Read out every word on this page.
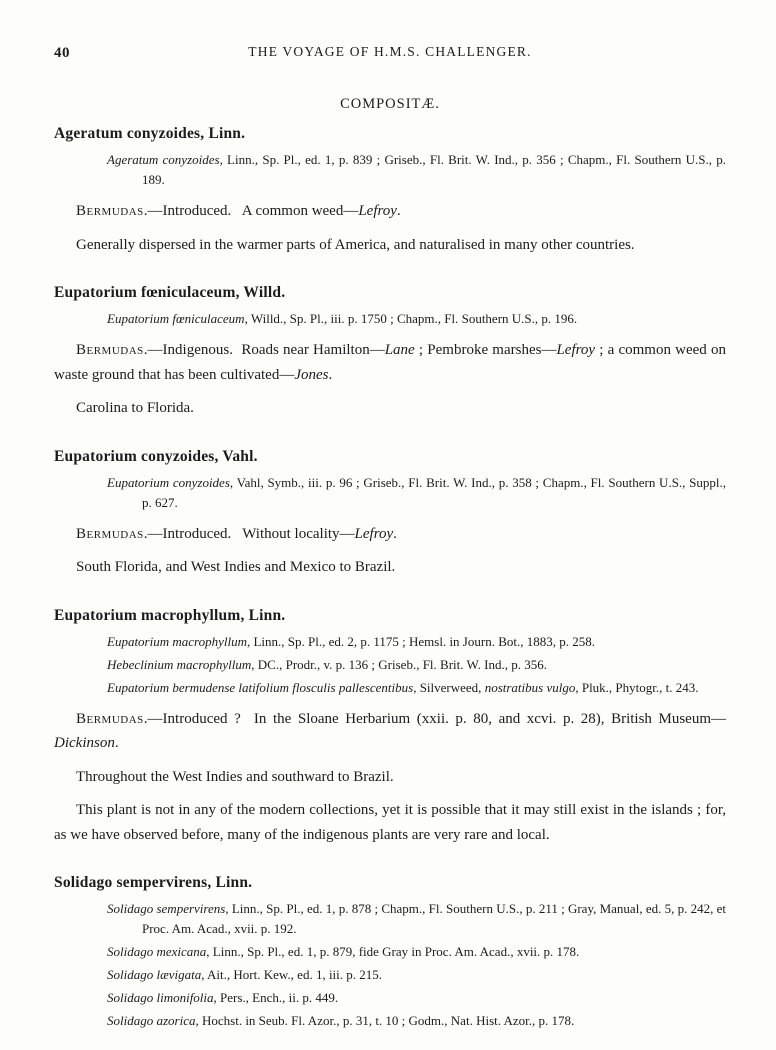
40	THE VOYAGE OF H.M.S. CHALLENGER.
COMPOSITÆ.
Ageratum conyzoides, Linn.

Ageratum conyzoides, Linn., Sp. Pl., ed. 1, p. 839 ; Griseb., Fl. Brit. W. Ind., p. 356 ; Chapm., Fl. Southern U.S., p. 189.

Bermudas.—Introduced.   A common weed—Lefroy.

Generally dispersed in the warmer parts of America, and naturalised in many other countries.

Eupatorium fœniculaceum, Willd.

Eupatorium fœniculaceum, Willd., Sp. Pl., iii. p. 1750 ; Chapm., Fl. Southern U.S., p. 196.

Bermudas.—Indigenous.  Roads near Hamilton—Lane ; Pembroke marshes—Lefroy ; a common weed on waste ground that has been cultivated—Jones.

Carolina to Florida.

Eupatorium conyzoides, Vahl.

Eupatorium conyzoides, Vahl, Symb., iii. p. 96 ; Griseb., Fl. Brit. W. Ind., p. 358 ; Chapm., Fl. Southern U.S., Suppl., p. 627.

Bermudas.—Introduced.   Without locality—Lefroy.

South Florida, and West Indies and Mexico to Brazil.

Eupatorium macrophyllum, Linn.

Eupatorium macrophyllum, Linn., Sp. Pl., ed. 2, p. 1175 ; Hemsl. in Journ. Bot., 1883, p. 258.

Hebeclinium macrophyllum, DC., Prodr., v. p. 136 ; Griseb., Fl. Brit. W. Ind., p. 356.

Eupatorium bermudense latifolium flosculis pallescentibus, Silverweed, nostratibus vulgo, Pluk., Phytogr., t. 243.

Bermudas.—Introduced ?  In the Sloane Herbarium (xxii. p. 80, and xcvi. p. 28), British Museum—Dickinson.

Throughout the West Indies and southward to Brazil.

This plant is not in any of the modern collections, yet it is possible that it may still exist in the islands ; for, as we have observed before, many of the indigenous plants are very rare and local.

Solidago sempervirens, Linn.

Solidago sempervirens, Linn., Sp. Pl., ed. 1, p. 878 ; Chapm., Fl. Southern U.S., p. 211 ; Gray, Manual, ed. 5, p. 242, et Proc. Am. Acad., xvii. p. 192.

Solidago mexicana, Linn., Sp. Pl., ed. 1, p. 879, fide Gray in Proc. Am. Acad., xvii. p. 178.

Solidago lævigata, Ait., Hort. Kew., ed. 1, iii. p. 215.

Solidago limonifolia, Pers., Ench., ii. p. 449.

Solidago azorica, Hochst. in Seub. Fl. Azor., p. 31, t. 10 ; Godm., Nat. Hist. Azor., p. 178.
